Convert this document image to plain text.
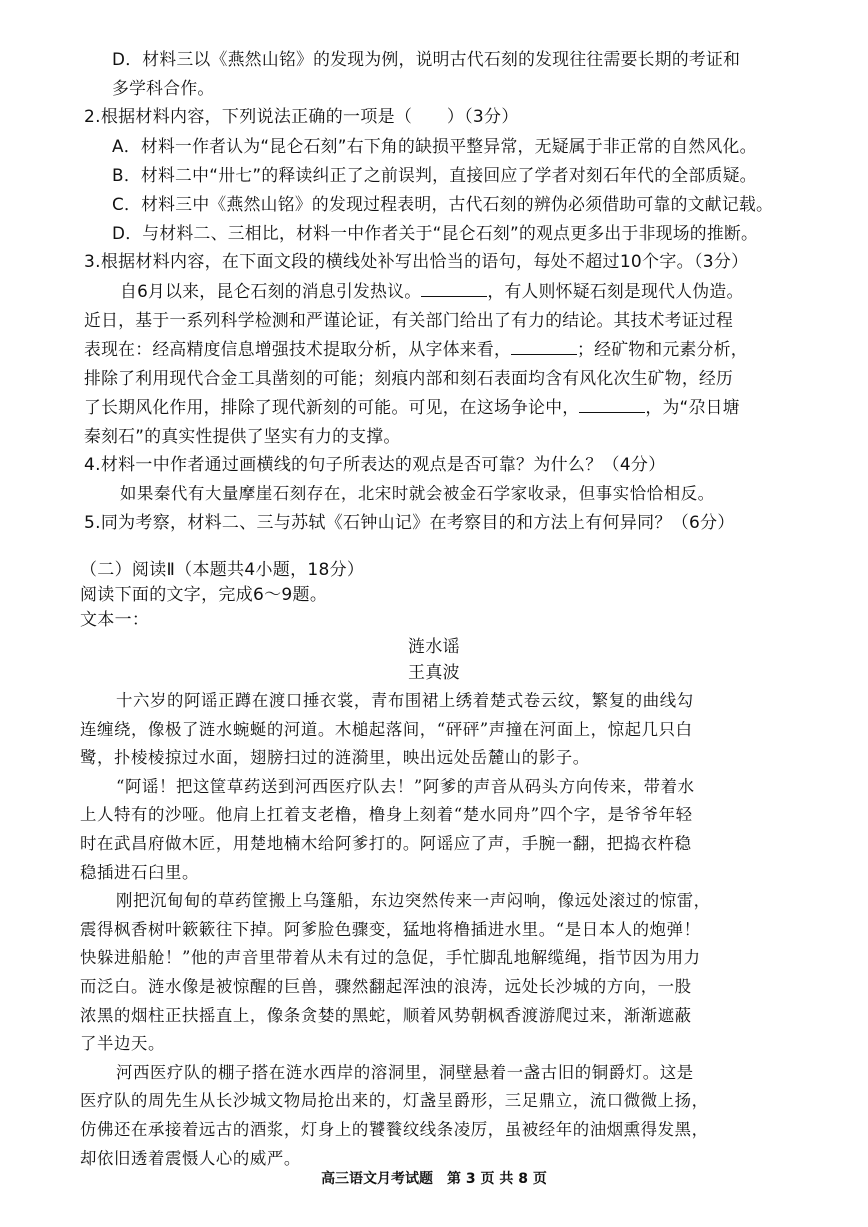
D．材料三以《燕然山铭》的发现为例，说明古代石刻的发现往往需要长期的考证和
多学科合作。
2.根据材料内容，下列说法正确的一项是（　　）（3分）
A．材料一作者认为“昆仑石刻”右下角的缺损平整异常，无疑属于非正常的自然风化。
B．材料二中“卅七”的释读纠正了之前误判，直接回应了学者对刻石年代的全部质疑。
C．材料三中《燕然山铭》的发现过程表明，古代石刻的辨伪必须借助可靠的文献记载。
D．与材料二、三相比，材料一中作者关于“昆仑石刻”的观点更多出于非现场的推断。
3.根据材料内容，在下面文段的横线处补写出恰当的语句，每处不超过10个字。（3分）
自6月以来，昆仑石刻的消息引发热议。	，有人则怀疑石刻是现代人伪造。
近日，基于一系列科学检测和严谨论证，有关部门给出了有力的结论。其技术考证过程
表现在：经高精度信息增强技术提取分析，从字体来看，	；经矿物和元素分析，
排除了利用现代合金工具凿刻的可能；刻痕内部和刻石表面均含有风化次生矿物，经历
了长期风化作用，排除了现代新刻的可能。可见，在这场争论中，	，为“尕日塘
秦刻石”的真实性提供了坚实有力的支撑。
4.材料一中作者通过画横线的句子所表达的观点是否可靠？为什么？（4分）
如果秦代有大量摩崖石刻存在，北宋时就会被金石学家收录，但事实恰恰相反。
5.同为考察，材料二、三与苏轼《石钟山记》在考察目的和方法上有何异同？（6分）
（二）阅读Ⅱ（本题共4小题，18分）
阅读下面的文字，完成6～9题。
文本一：
涟水谣
王真波
十六岁的阿谣正蹲在渡口捶衣裳，青布围裙上绣着楚式卷云纹，繁复的曲线勾
连缠绕，像极了涟水蜿蜒的河道。木槌起落间，“砰砰”声撞在河面上，惊起几只白
鹭，扑棱棱掠过水面，翅膀扫过的涟漪里，映出远处岳麓山的影子。
“阿谣！把这筐草药送到河西医疗队去！”阿爹的声音从码头方向传来，带着水
上人特有的沙哑。他肩上扛着支老橹，橹身上刻着“楚水同舟”四个字，是爷爷年轻
时在武昌府做木匠，用楚地楠木给阿爹打的。阿谣应了声，手腕一翻，把捣衣杵稳
稳插进石臼里。
刚把沉甸甸的草药筐搬上乌篷船，东边突然传来一声闷响，像远处滚过的惊雷，
震得枫香树叶簌簌往下掉。阿爹脸色骤变，猛地将橹插进水里。“是日本人的炮弹！
快躲进船舱！”他的声音里带着从未有过的急促，手忙脚乱地解缆绳，指节因为用力
而泛白。涟水像是被惊醒的巨兽，骤然翻起浑浊的浪涛，远处长沙城的方向，一股
浓黑的烟柱正扶摇直上，像条贪婪的黑蛇，顺着风势朝枫香渡游爬过来，渐渐遮蔽
了半边天。
河西医疗队的棚子搭在涟水西岸的溶洞里，洞壁悬着一盏古旧的铜爵灯。这是
医疗队的周先生从长沙城文物局抢出来的，灯盏呈爵形，三足鼎立，流口微微上扬，
仿佛还在承接着远古的酒浆，灯身上的饕餮纹线条凌厉，虽被经年的油烟熏得发黑，
却依旧透着震慑人心的威严。
高三语文月考试题　第 3 页 共 8 页
